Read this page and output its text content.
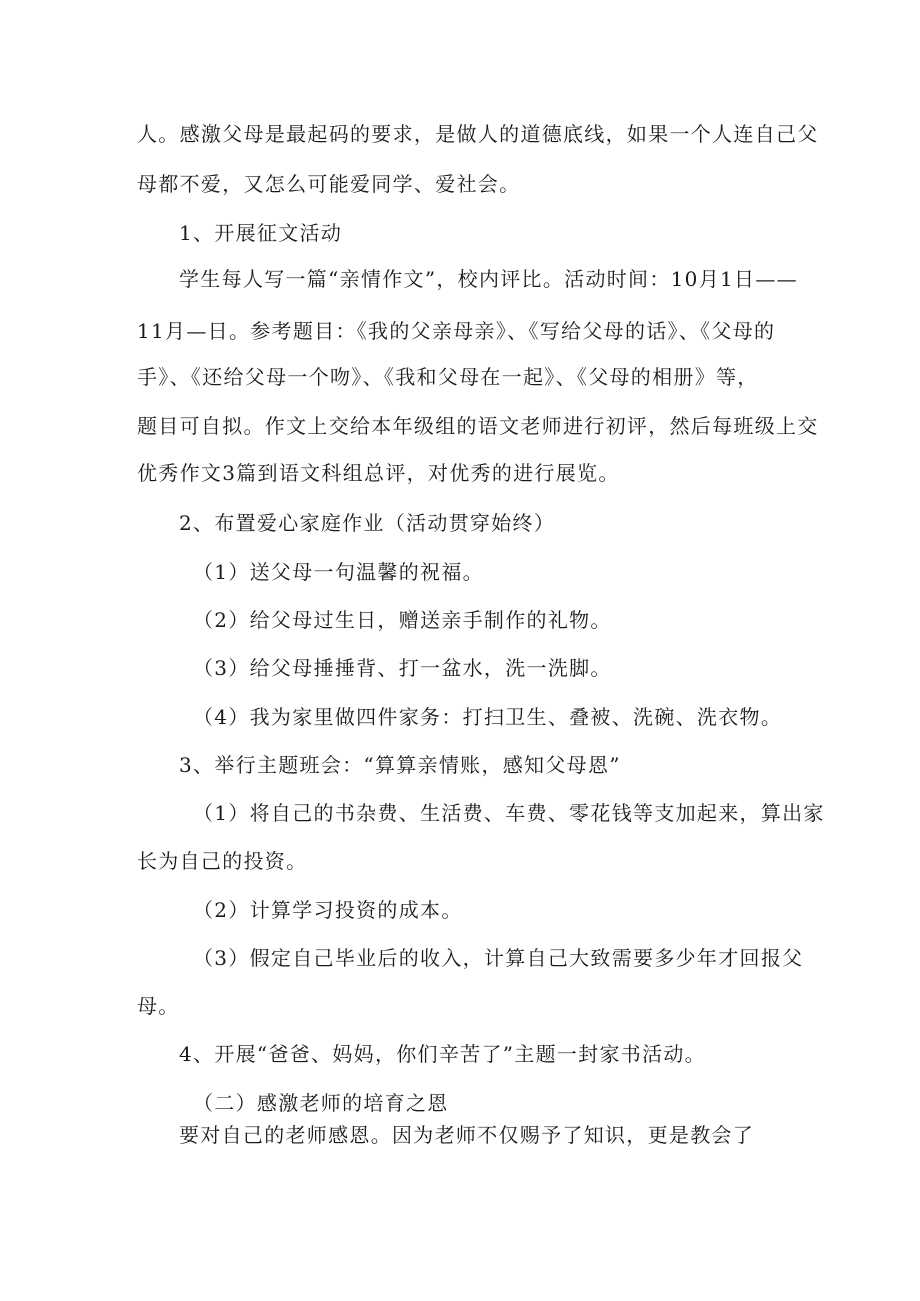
人。感激父母是最起码的要求，是做人的道德底线，如果一个人连自己父

母都不爱，又怎么可能爱同学、爱社会。

1、开展征文活动

学生每人写一篇“亲情作文”，校内评比。活动时间：10月1日——

11月—日。参考题目：《我的父亲母亲》、《写给父母的话》、《父母的

手》、《还给父母一个吻》、《我和父母在一起》、《父母的相册》等，

题目可自拟。作文上交给本年级组的语文老师进行初评，然后每班级上交

优秀作文3篇到语文科组总评，对优秀的进行展览。

2、布置爱心家庭作业（活动贯穿始终）

（1）送父母一句温馨的祝福。

（2）给父母过生日，赠送亲手制作的礼物。

（3）给父母捶捶背、打一盆水，洗一洗脚。

（4）我为家里做四件家务：打扫卫生、叠被、洗碗、洗衣物。

3、举行主题班会：“算算亲情账，感知父母恩”

（1）将自己的书杂费、生活费、车费、零花钱等支加起来，算出家

长为自己的投资。

（2）计算学习投资的成本。

（3）假定自己毕业后的收入，计算自己大致需要多少年才回报父

母。

4、开展“爸爸、妈妈，你们辛苦了”主题一封家书活动。

（二）感激老师的培育之恩

要对自己的老师感恩。因为老师不仅赐予了知识，更是教会了
